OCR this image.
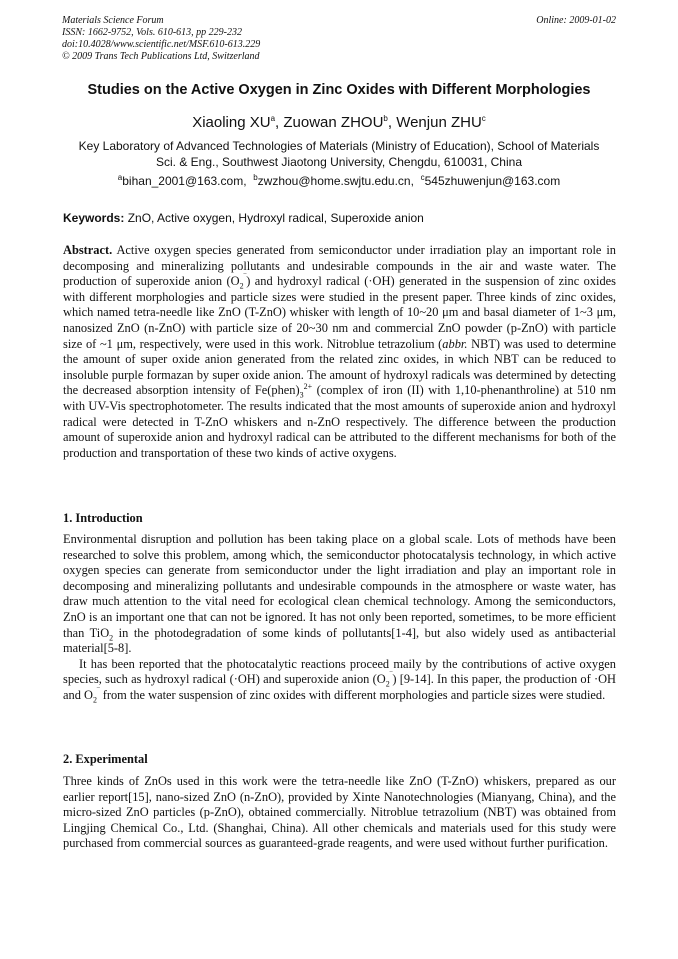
Materials Science Forum
ISSN: 1662-9752, Vols. 610-613, pp 229-232
doi:10.4028/www.scientific.net/MSF.610-613.229
© 2009 Trans Tech Publications Ltd, Switzerland
Online: 2009-01-02
Studies on the Active Oxygen in Zinc Oxides with Different Morphologies
Xiaoling $XU^a$, Zuowan ZHOU$^b$, Wenjun ZHU$^c$
Key Laboratory of Advanced Technologies of Materials (Ministry of Education), School of Materials
Sci. & Eng., Southwest Jiaotong University, Chengdu, 610031, China
$^a$bihan_2001@163.com, $^b$zwzhou@home.swjtu.edu.cn, $^c$545zhuwenjun@163.com
Keywords: ZnO, Active oxygen, Hydroxyl radical, Superoxide anion

Abstract. Active oxygen species generated from semiconductor under irradiation play an important role in decomposing and mineralizing pollutants and undesirable compounds in the air and waste water. The production of superoxide anion $(O_2^‾)$ and hydroxyl radical (·OH) generated in the suspension of zinc oxides with different morphologies and particle sizes were studied in the present paper. Three kinds of zinc oxides, which named tetra-needle like ZnO (T-ZnO) whisker with length of 10~20 μm and basal diameter of 1~3 μm, nanosized ZnO (n-ZnO) with particle size of 20~30 nm and commercial ZnO powder (p-ZnO) with particle size of ~1 μm, respectively, were used in this work. Nitroblue tetrazolium (abbr. NBT) was used to determine the amount of super oxide anion generated from the related zinc oxides, in which NBT can be reduced to insoluble purple formazan by super oxide anion. The amount of hydroxyl radicals was determined by detecting the decreased absorption intensity of $Fe(phen)_3^{2+}$ (complex of iron (II) with 1,10-phenanthroline) at 510 nm with UV-Vis spectrophotometer. The results indicated that the most amounts of superoxide anion and hydroxyl radical were detected in T-ZnO whiskers and n-ZnO respectively. The difference between the production amount of superoxide anion and hydroxyl radical can be attributed to the different mechanisms for both of the production and transportation of these two kinds of active oxygens.

1. Introduction

Environmental disruption and pollution has been taking place on a global scale. Lots of methods have been researched to solve this problem, among which, the semiconductor photocatalysis technology, in which active oxygen species can generate from semiconductor under the light irradiation and play an important role in decomposing and mineralizing pollutants and undesirable compounds in the atmosphere or waste water, has draw much attention to the vital need for ecological clean chemical technology. Among the semiconductors, ZnO is an important one that can not be ignored. It has not only been reported, sometimes, to be more efficient than TiO$_2$ in the photodegradation of some kinds of pollutants[1-4], but also widely used as antibacterial material[5-8].

It has been reported that the photocatalytic reactions proceed maily by the contributions of active oxygen species, such as hydroxyl radical (·OH) and superoxide anion $(O_2^‾)$ [9-14]. In this paper, the production of ·OH and $O_2^‾$ from the water suspension of zinc oxides with different morphologies and particle sizes were studied.

2. Experimental

Three kinds of ZnOs used in this work were the tetra-needle like ZnO (T-ZnO) whiskers, prepared as our earlier report[15], nano-sized ZnO (n-ZnO), provided by Xinte Nanotechnologies (Mianyang, China), and the micro-sized ZnO particles (p-ZnO), obtained commercially. Nitroblue tetrazolium (NBT) was obtained from Lingjing Chemical Co., Ltd. (Shanghai, China). All other chemicals and materials used for this study were purchased from commercial sources as guaranteed-grade reagents, and were used without further purification.
